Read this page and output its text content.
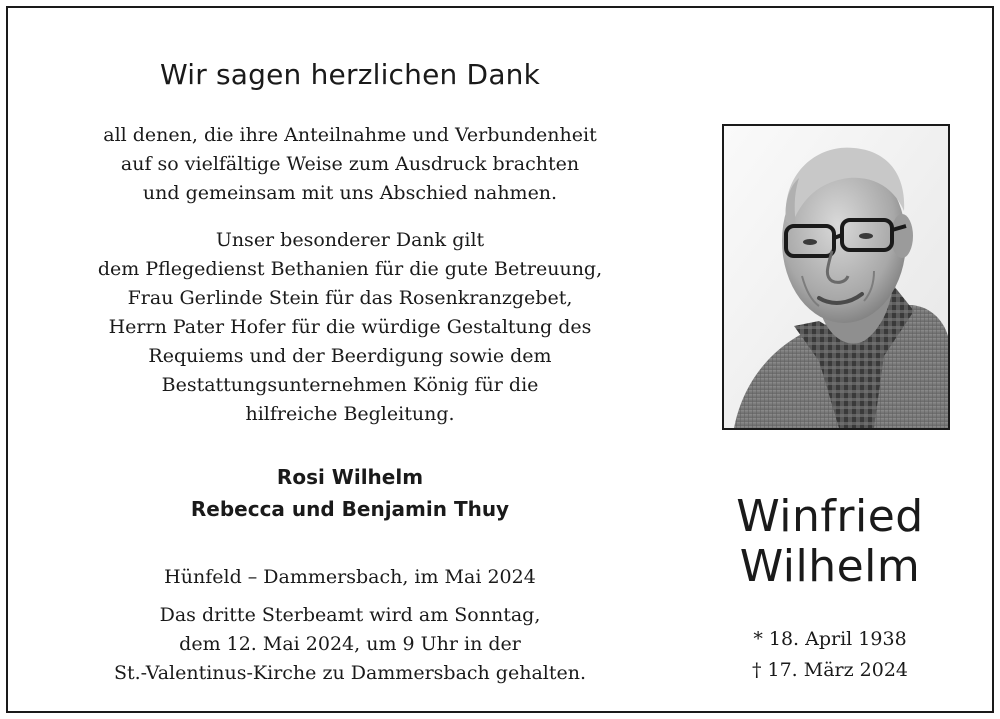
Wir sagen herzlichen Dank

all denen, die ihre Anteilnahme und Verbundenheit
auf so vielfältige Weise zum Ausdruck brachten
und gemeinsam mit uns Abschied nahmen.

Unser besonderer Dank gilt
dem Pflegedienst Bethanien für die gute Betreuung,
Frau Gerlinde Stein für das Rosenkranzgebet,
Herrn Pater Hofer für die würdige Gestaltung des
Requiems und der Beerdigung sowie dem
Bestattungsunternehmen König für die
hilfreiche Begleitung.

Rosi Wilhelm
Rebecca und Benjamin Thuy

Hünfeld – Dammersbach, im Mai 2024

Das dritte Sterbeamt wird am Sonntag,
dem 12. Mai 2024, um 9 Uhr in der
St.-Valentinus-Kirche zu Dammersbach gehalten.

Winfried
Wilhelm
* 18. April 1938
† 17. März 2024
